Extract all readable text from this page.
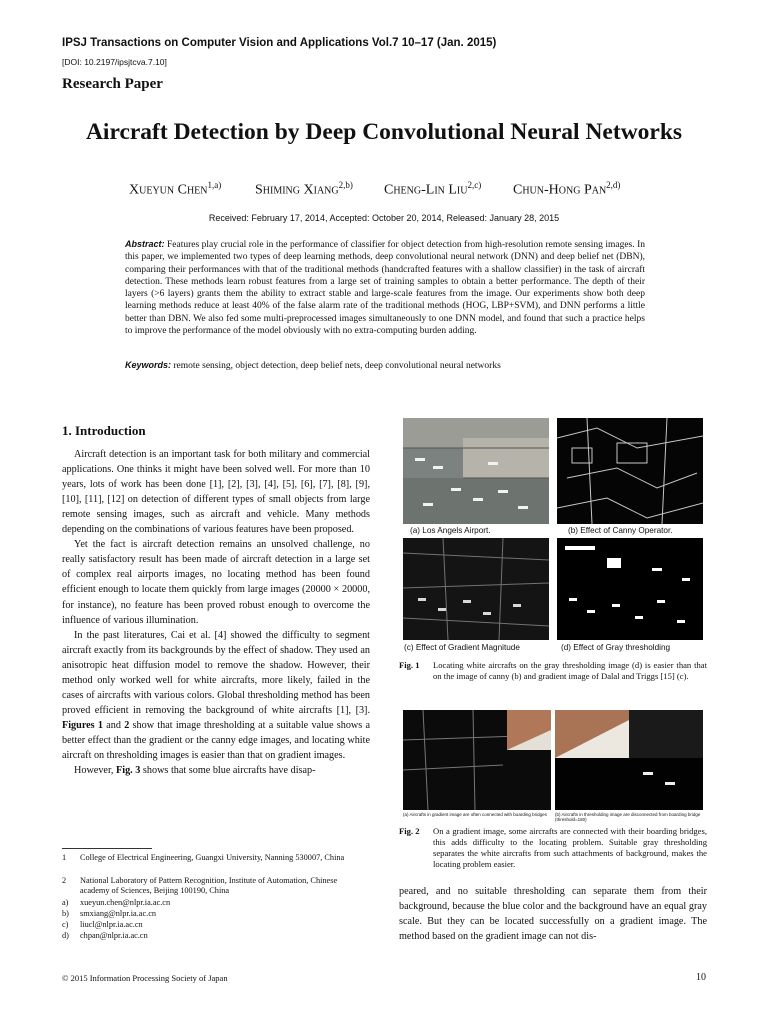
IPSJ Transactions on Computer Vision and Applications Vol.7 10–17 (Jan. 2015)
[DOI: 10.2197/ipsjtcva.7.10]
Research Paper
Aircraft Detection by Deep Convolutional Neural Networks
Xueyun Chen$^{1,a)}$ Shiming Xiang$^{2,b)}$ Cheng-Lin Liu$^{2,c)}$ Chun-Hong Pan$^{2,d)}$
Received: February 17, 2014, Accepted: October 20, 2014, Released: January 28, 2015
Abstract: Features play crucial role in the performance of classifier for object detection from high-resolution remote sensing images. In this paper, we implemented two types of deep learning methods, deep convolutional neural network (DNN) and deep belief net (DBN), comparing their performances with that of the traditional methods (handcrafted features with a shallow classifier) in the task of aircraft detection. These methods learn robust features from a large set of training samples to obtain a better performance. The depth of their layers (>6 layers) grants them the ability to extract stable and large-scale features from the image. Our experiments show both deep learning methods reduce at least 40% of the false alarm rate of the traditional methods (HOG, LBP+SVM), and DNN performs a little better than DBN. We also fed some multi-preprocessed images simultaneously to one DNN model, and found that such a practice helps to improve the performance of the model obviously with no extra-computing burden adding.
Keywords: remote sensing, object detection, deep belief nets, deep convolutional neural networks
1. Introduction

Aircraft detection is an important task for both military and commercial applications. One thinks it might have been solved well. For more than 10 years, lots of work has been done [1], [2], [3], [4], [5], [6], [7], [8], [9], [10], [11], [12] on detection of different types of small objects from large remote sensing images, such as aircraft and vehicle. Many methods depending on the combinations of various features have been proposed.

Yet the fact is aircraft detection remains an unsolved challenge, no really satisfactory result has been made of aircraft detection in a large set of complex real airports images, no locating method has been found efficient enough to locate them quickly from large images (20000 × 20000, for instance), no feature has been proved robust enough to overcome the influence of various illumination.

In the past literatures, Cai et al. [4] showed the difficulty to segment aircraft exactly from its backgrounds by the effect of shadow. They used an anisotropic heat diffusion model to remove the shadow. However, their method only worked well for white aircrafts, more likely, failed in the cases of aircrafts with various colors. Global thresholding method has been proved efficient in removing the background of white aircrafts [1], [3]. Figures 1 and 2 show that image thresholding at a suitable value shows a better effect than the gradient or the canny edge images, and locating white aircraft on thresholding images is easier than that on gradient images.

However, Fig. 3 shows that some blue aircrafts have disap-

1 College of Electrical Engineering, Guangxi University, Nanning 530007, China
2 National Laboratory of Pattern Recognition, Institute of Automation, Chinese academy of Sciences, Beijing 100190, China
a) xueyun.chen@nlpr.ia.ac.cn
b) smxiang@nlpr.ia.ac.cn
c) liucl@nlpr.ia.ac.cn
d) chpan@nlpr.ia.ac.cn
(a) Los Angels Airport.	(b) Effect of Canny Operator.
(c) Effect of Gradient Magnitude	(d) Effect of Gray thresholding
Fig. 1 Locating white aircrafts on the gray thresholding image (d) is easier than that on the image of canny (b) and gradient image of Dalal and Triggs [15] (c).
(a) Aircrafts in gradient image are often connected with boarding bridges	(b) Aircrafts in thresholding image are disconnected from boarding bridge (threshold=180)
Fig. 2 On a gradient image, some aircrafts are connected with their boarding bridges, this adds difficulty to the locating problem. Suitable gray thresholding separates the white aircrafts from such attachments of background, makes the locating problem easier.
peared, and no suitable thresholding can separate them from their background, because the blue color and the background have an equal gray scale. But they can be located successfully on a gradient image. The method based on the gradient image can not dis-
© 2015 Information Processing Society of Japan	10
